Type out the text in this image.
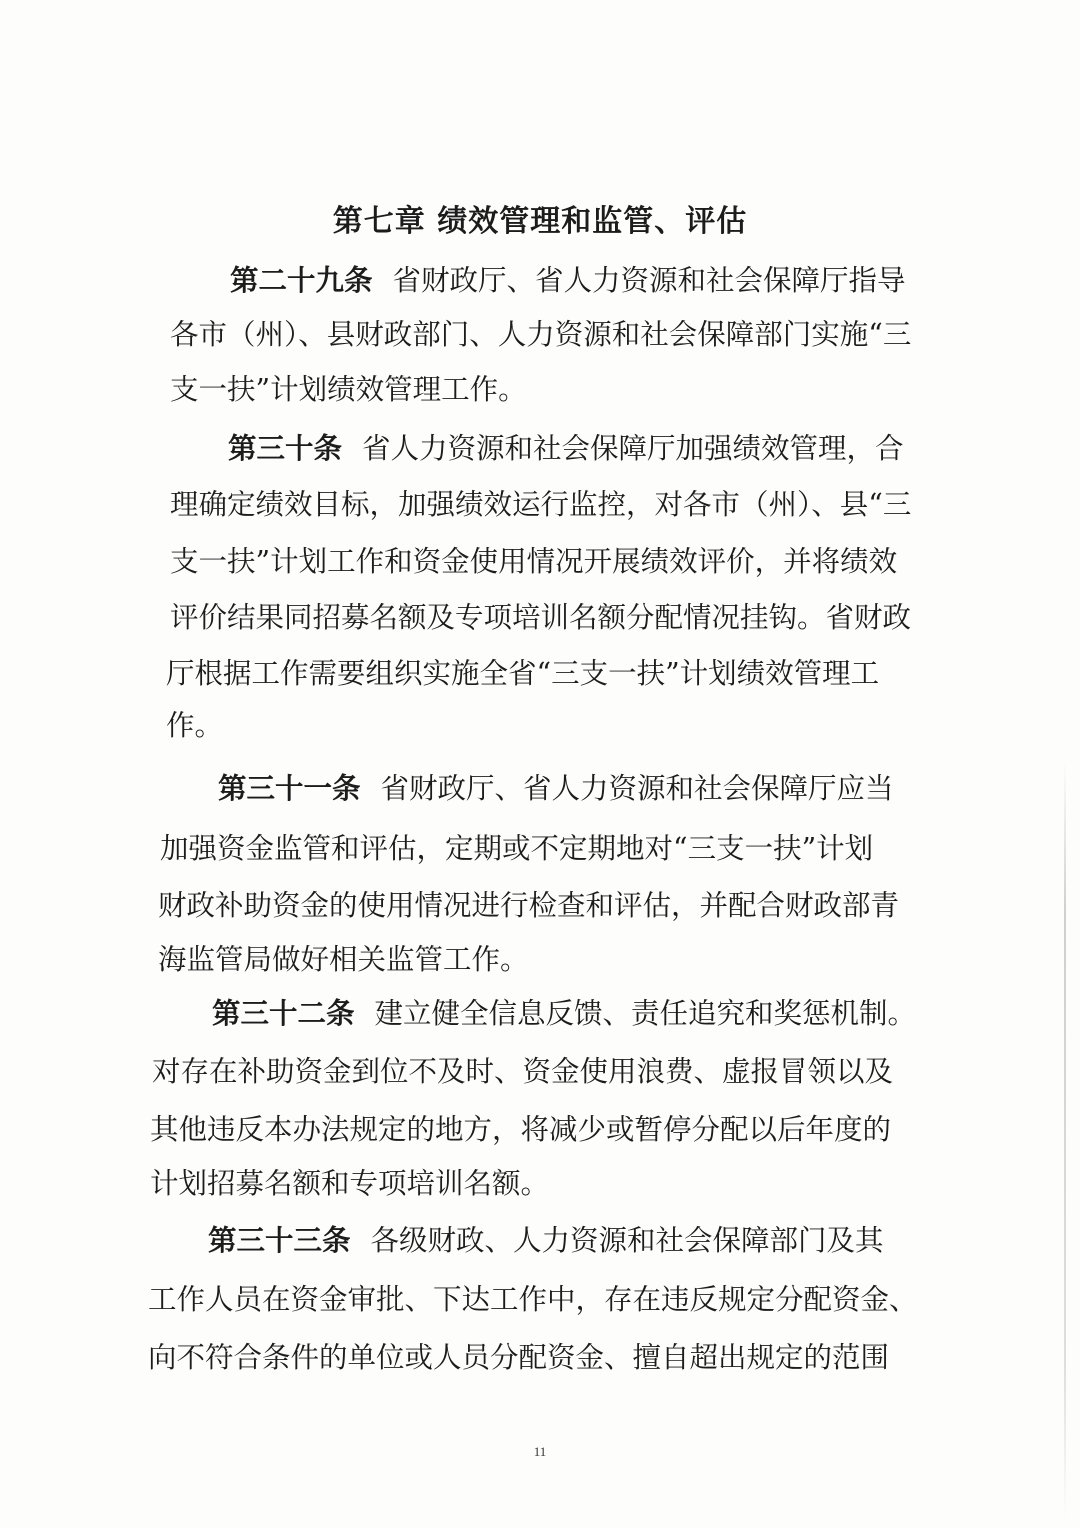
第七章 绩效管理和监管、评估

第二十九条 省财政厅、省人力资源和社会保障厅指导

各市（州）、县财政部门、人力资源和社会保障部门实施“三

支一扶”计划绩效管理工作。

第三十条 省人力资源和社会保障厅加强绩效管理，合

理确定绩效目标，加强绩效运行监控，对各市（州）、县“三

支一扶”计划工作和资金使用情况开展绩效评价，并将绩效

评价结果同招募名额及专项培训名额分配情况挂钩。省财政

厅根据工作需要组织实施全省“三支一扶”计划绩效管理工

作。

第三十一条 省财政厅、省人力资源和社会保障厅应当

加强资金监管和评估，定期或不定期地对“三支一扶”计划

财政补助资金的使用情况进行检查和评估，并配合财政部青

海监管局做好相关监管工作。

第三十二条 建立健全信息反馈、责任追究和奖惩机制。

对存在补助资金到位不及时、资金使用浪费、虚报冒领以及

其他违反本办法规定的地方，将减少或暂停分配以后年度的

计划招募名额和专项培训名额。

第三十三条 各级财政、人力资源和社会保障部门及其

工作人员在资金审批、下达工作中，存在违反规定分配资金、

向不符合条件的单位或人员分配资金、擅自超出规定的范围

11
